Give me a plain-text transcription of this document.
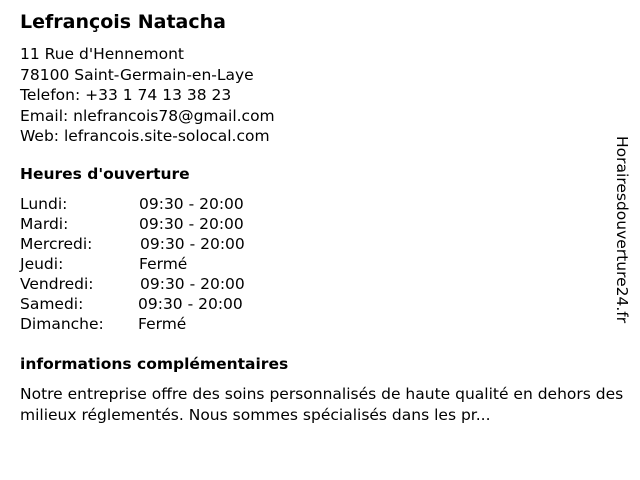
Lefrançois Natacha
11 Rue d'Hennemont
78100 Saint-Germain-en-Laye
Telefon: +33 1 74 13 38 23
Email: nlefrancois78@gmail.com
Web: lefrancois.site-solocal.com
Heures d'ouverture
Lundi:	09:30 - 20:00
Mardi:	09:30 - 20:00
Mercredi:	09:30 - 20:00
Jeudi:	Fermé
Vendredi:	09:30 - 20:00
Samedi:	09:30 - 20:00
Dimanche: Fermé
informations complémentaires
Notre entreprise offre des soins personnalisés de haute qualité en dehors des milieux réglementés. Nous sommes spécialisés dans les pr...
Horairesdouverture24.fr
